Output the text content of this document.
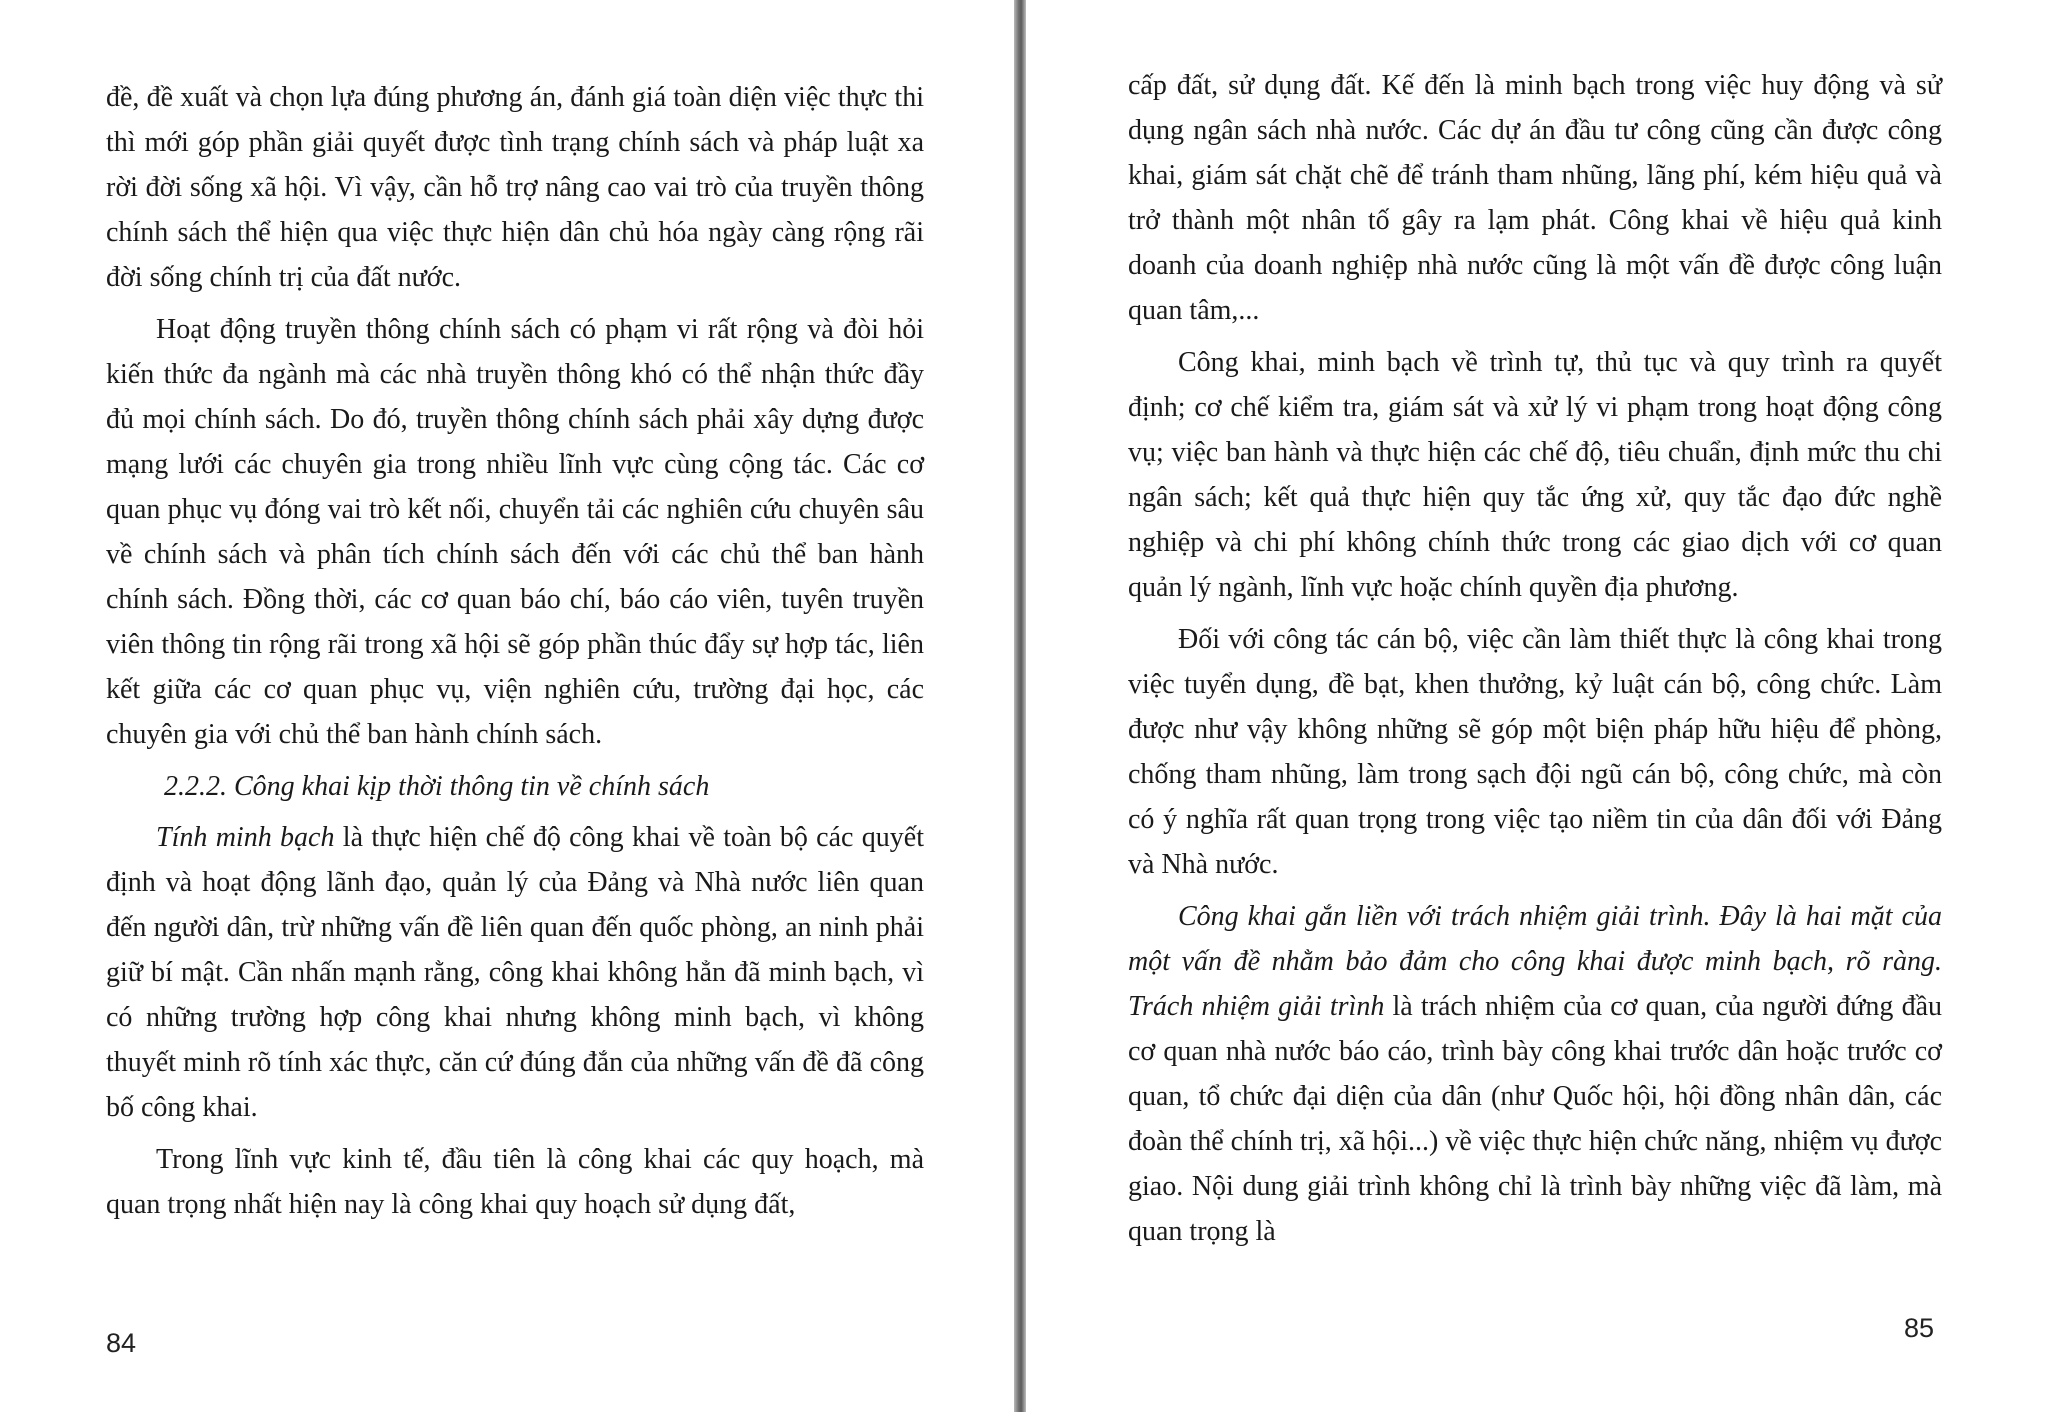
đề, đề xuất và chọn lựa đúng phương án, đánh giá toàn diện việc thực thi thì mới góp phần giải quyết được tình trạng chính sách và pháp luật xa rời đời sống xã hội. Vì vậy, cần hỗ trợ nâng cao vai trò của truyền thông chính sách thể hiện qua việc thực hiện dân chủ hóa ngày càng rộng rãi đời sống chính trị của đất nước.

Hoạt động truyền thông chính sách có phạm vi rất rộng và đòi hỏi kiến thức đa ngành mà các nhà truyền thông khó có thể nhận thức đầy đủ mọi chính sách. Do đó, truyền thông chính sách phải xây dựng được mạng lưới các chuyên gia trong nhiều lĩnh vực cùng cộng tác. Các cơ quan phục vụ đóng vai trò kết nối, chuyển tải các nghiên cứu chuyên sâu về chính sách và phân tích chính sách đến với các chủ thể ban hành chính sách. Đồng thời, các cơ quan báo chí, báo cáo viên, tuyên truyền viên thông tin rộng rãi trong xã hội sẽ góp phần thúc đẩy sự hợp tác, liên kết giữa các cơ quan phục vụ, viện nghiên cứu, trường đại học, các chuyên gia với chủ thể ban hành chính sách.

2.2.2. Công khai kịp thời thông tin về chính sách

Tính minh bạch là thực hiện chế độ công khai về toàn bộ các quyết định và hoạt động lãnh đạo, quản lý của Đảng và Nhà nước liên quan đến người dân, trừ những vấn đề liên quan đến quốc phòng, an ninh phải giữ bí mật. Cần nhấn mạnh rằng, công khai không hẳn đã minh bạch, vì có những trường hợp công khai nhưng không minh bạch, vì không thuyết minh rõ tính xác thực, căn cứ đúng đắn của những vấn đề đã công bố công khai.

Trong lĩnh vực kinh tế, đầu tiên là công khai các quy hoạch, mà quan trọng nhất hiện nay là công khai quy hoạch sử dụng đất,

84

cấp đất, sử dụng đất. Kế đến là minh bạch trong việc huy động và sử dụng ngân sách nhà nước. Các dự án đầu tư công cũng cần được công khai, giám sát chặt chẽ để tránh tham nhũng, lãng phí, kém hiệu quả và trở thành một nhân tố gây ra lạm phát. Công khai về hiệu quả kinh doanh của doanh nghiệp nhà nước cũng là một vấn đề được công luận quan tâm,...

Công khai, minh bạch về trình tự, thủ tục và quy trình ra quyết định; cơ chế kiểm tra, giám sát và xử lý vi phạm trong hoạt động công vụ; việc ban hành và thực hiện các chế độ, tiêu chuẩn, định mức thu chi ngân sách; kết quả thực hiện quy tắc ứng xử, quy tắc đạo đức nghề nghiệp và chi phí không chính thức trong các giao dịch với cơ quan quản lý ngành, lĩnh vực hoặc chính quyền địa phương.

Đối với công tác cán bộ, việc cần làm thiết thực là công khai trong việc tuyển dụng, đề bạt, khen thưởng, kỷ luật cán bộ, công chức. Làm được như vậy không những sẽ góp một biện pháp hữu hiệu để phòng, chống tham nhũng, làm trong sạch đội ngũ cán bộ, công chức, mà còn có ý nghĩa rất quan trọng trong việc tạo niềm tin của dân đối với Đảng và Nhà nước.

Công khai gắn liền với trách nhiệm giải trình. Đây là hai mặt của một vấn đề nhằm bảo đảm cho công khai được minh bạch, rõ ràng. Trách nhiệm giải trình là trách nhiệm của cơ quan, của người đứng đầu cơ quan nhà nước báo cáo, trình bày công khai trước dân hoặc trước cơ quan, tổ chức đại diện của dân (như Quốc hội, hội đồng nhân dân, các đoàn thể chính trị, xã hội...) về việc thực hiện chức năng, nhiệm vụ được giao. Nội dung giải trình không chỉ là trình bày những việc đã làm, mà quan trọng là

85
